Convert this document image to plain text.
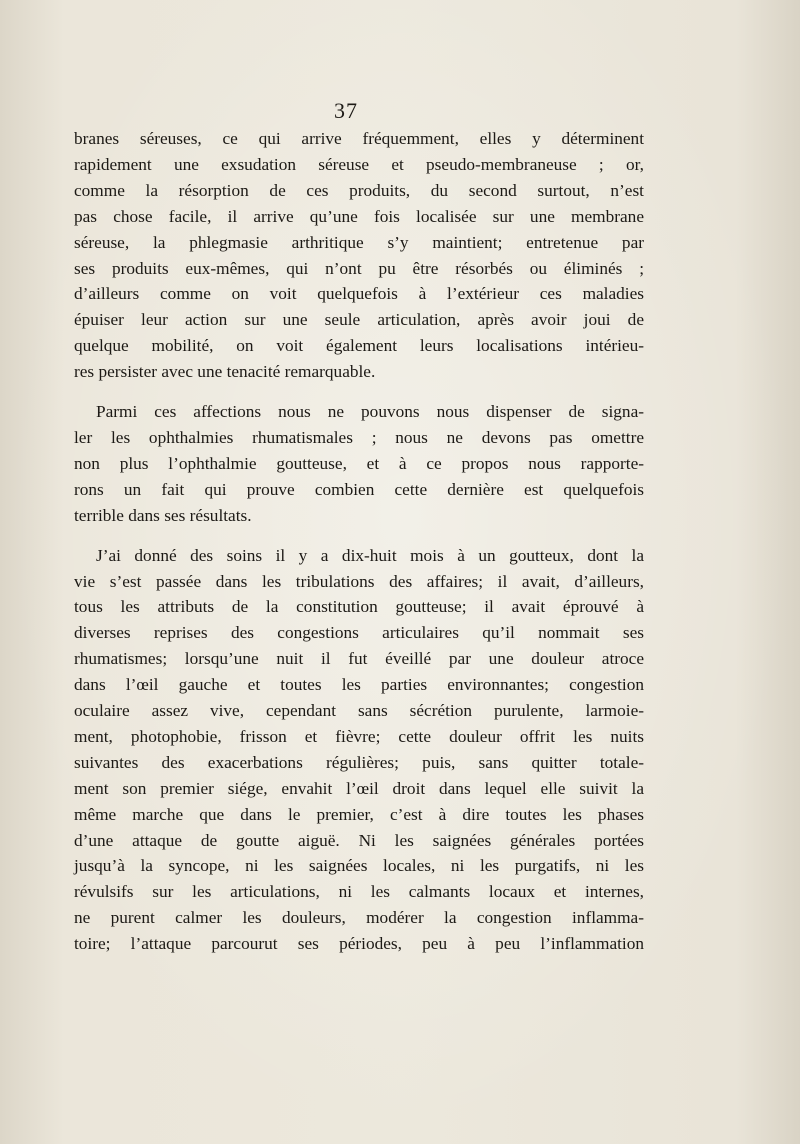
37
branes séreuses, ce qui arrive fréquemment, elles y déterminent
rapidement une exsudation séreuse et pseudo-membraneuse ; or,
comme la résorption de ces produits, du second surtout, n’est
pas chose facile, il arrive qu’une fois localisée sur une membrane
séreuse, la phlegmasie arthritique s’y maintient; entretenue par
ses produits eux-mêmes, qui n’ont pu être résorbés ou éliminés ;
d’ailleurs comme on voit quelquefois à l’extérieur ces maladies
épuiser leur action sur une seule articulation, après avoir joui de
quelque mobilité, on voit également leurs localisations intérieu-
res persister avec une tenacité remarquable.
Parmi ces affections nous ne pouvons nous dispenser de signa-
ler les ophthalmies rhumatismales ; nous ne devons pas omettre
non plus l’ophthalmie goutteuse, et à ce propos nous rapporte-
rons un fait qui prouve combien cette dernière est quelquefois
terrible dans ses résultats.
J’ai donné des soins il y a dix-huit mois à un goutteux, dont la
vie s’est passée dans les tribulations des affaires; il avait, d’ailleurs,
tous les attributs de la constitution goutteuse; il avait éprouvé à
diverses reprises des congestions articulaires qu’il nommait ses
rhumatismes; lorsqu’une nuit il fut éveillé par une douleur atroce
dans l’œil gauche et toutes les parties environnantes; congestion
oculaire assez vive, cependant sans sécrétion purulente, larmoie-
ment, photophobie, frisson et fièvre; cette douleur offrit les nuits
suivantes des exacerbations régulières; puis, sans quitter totale-
ment son premier siége, envahit l’œil droit dans lequel elle suivit la
même marche que dans le premier, c’est à dire toutes les phases
d’une attaque de goutte aiguë. Ni les saignées générales portées
jusqu’à la syncope, ni les saignées locales, ni les purgatifs, ni les
révulsifs sur les articulations, ni les calmants locaux et internes,
ne purent calmer les douleurs, modérer la congestion inflamma-
toire; l’attaque parcourut ses périodes, peu à peu l’inflammation
